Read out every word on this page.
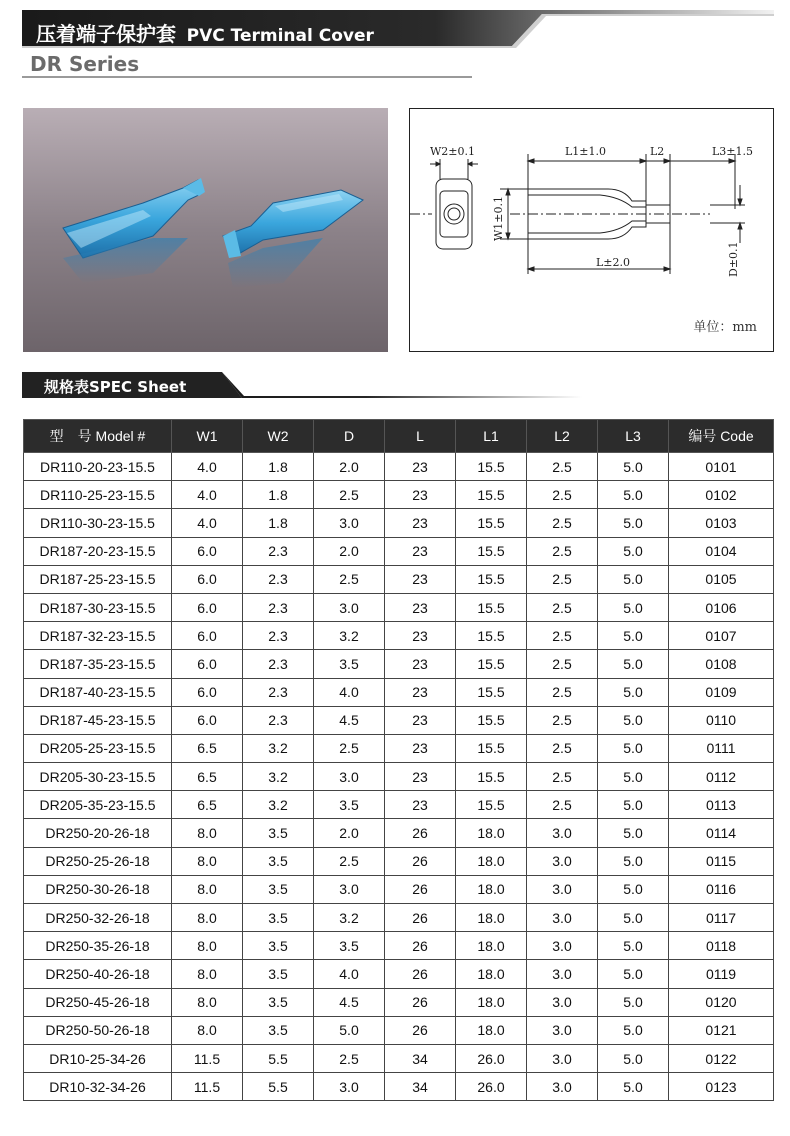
压着端子保护套 PVC Terminal Cover
DR Series
W2±0.1	L1±1.0	L2	L3±1.5
L±2.0
W1±0.1
D±0.1
单位：mm
规格表SPEC Sheet
型　号 Model #	W1	W2	D	L	L1	L2	L3	编号 Code
DR110-20-23-15.5	4.0	1.8	2.0	23	15.5	2.5	5.0	0101
DR110-25-23-15.5	4.0	1.8	2.5	23	15.5	2.5	5.0	0102
DR110-30-23-15.5	4.0	1.8	3.0	23	15.5	2.5	5.0	0103
DR187-20-23-15.5	6.0	2.3	2.0	23	15.5	2.5	5.0	0104
DR187-25-23-15.5	6.0	2.3	2.5	23	15.5	2.5	5.0	0105
DR187-30-23-15.5	6.0	2.3	3.0	23	15.5	2.5	5.0	0106
DR187-32-23-15.5	6.0	2.3	3.2	23	15.5	2.5	5.0	0107
DR187-35-23-15.5	6.0	2.3	3.5	23	15.5	2.5	5.0	0108
DR187-40-23-15.5	6.0	2.3	4.0	23	15.5	2.5	5.0	0109
DR187-45-23-15.5	6.0	2.3	4.5	23	15.5	2.5	5.0	0110
DR205-25-23-15.5	6.5	3.2	2.5	23	15.5	2.5	5.0	0111
DR205-30-23-15.5	6.5	3.2	3.0	23	15.5	2.5	5.0	0112
DR205-35-23-15.5	6.5	3.2	3.5	23	15.5	2.5	5.0	0113
DR250-20-26-18	8.0	3.5	2.0	26	18.0	3.0	5.0	0114
DR250-25-26-18	8.0	3.5	2.5	26	18.0	3.0	5.0	0115
DR250-30-26-18	8.0	3.5	3.0	26	18.0	3.0	5.0	0116
DR250-32-26-18	8.0	3.5	3.2	26	18.0	3.0	5.0	0117
DR250-35-26-18	8.0	3.5	3.5	26	18.0	3.0	5.0	0118
DR250-40-26-18	8.0	3.5	4.0	26	18.0	3.0	5.0	0119
DR250-45-26-18	8.0	3.5	4.5	26	18.0	3.0	5.0	0120
DR250-50-26-18	8.0	3.5	5.0	26	18.0	3.0	5.0	0121
DR10-25-34-26	11.5	5.5	2.5	34	26.0	3.0	5.0	0122
DR10-32-34-26	11.5	5.5	3.0	34	26.0	3.0	5.0	0123
